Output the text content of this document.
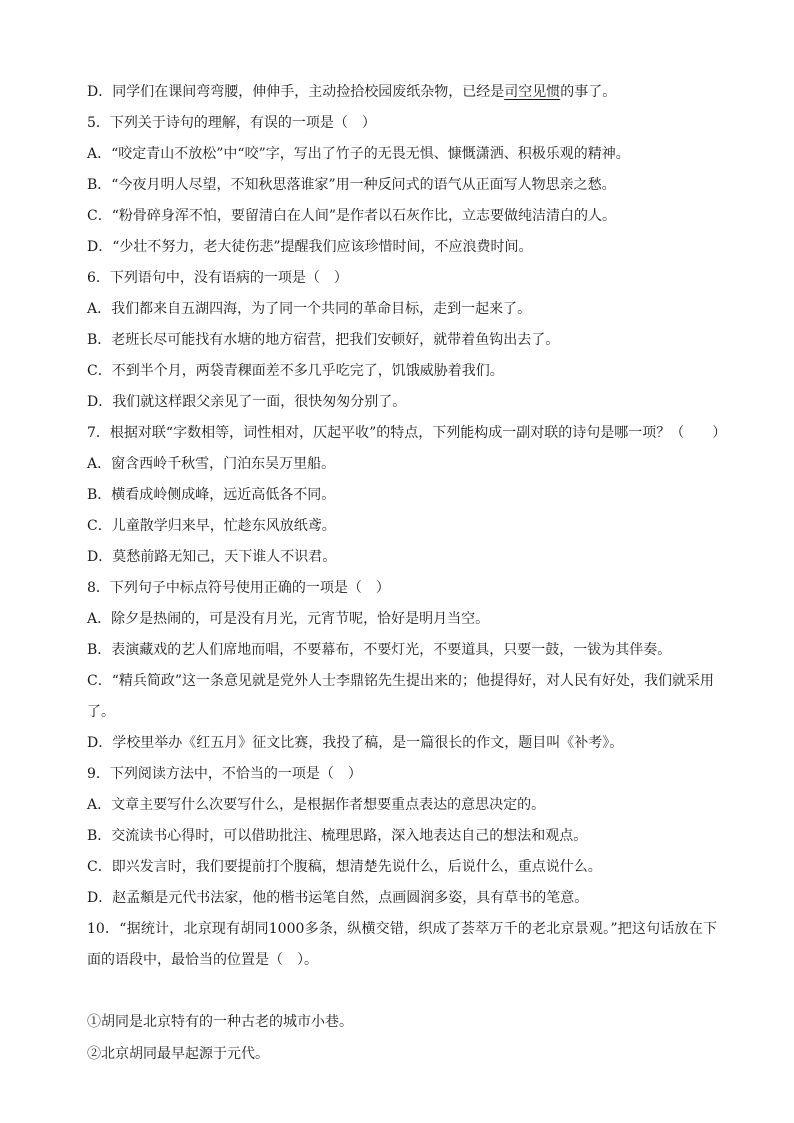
D．同学们在课间弯弯腰，伸伸手，主动捡拾校园废纸杂物，已经是司空见惯的事了。
5．下列关于诗句的理解，有误的一项是（　）
A．“咬定青山不放松”中“咬”字，写出了竹子的无畏无惧、慷慨潇洒、积极乐观的精神。
B．“今夜月明人尽望，不知秋思落谁家”用一种反问式的语气从正面写人物思亲之愁。
C．“粉骨碎身浑不怕，要留清白在人间”是作者以石灰作比，立志要做纯洁清白的人。
D．“少壮不努力，老大徒伤悲”提醒我们应该珍惜时间，不应浪费时间。
6．下列语句中，没有语病的一项是（　）
A．我们都来自五湖四海，为了同一个共同的革命目标，走到一起来了。
B．老班长尽可能找有水塘的地方宿营，把我们安顿好，就带着鱼钩出去了。
C．不到半个月，两袋青稞面差不多几乎吃完了，饥饿威胁着我们。
D．我们就这样跟父亲见了一面，很快匆匆分别了。
7．根据对联“字数相等，词性相对，仄起平收”的特点，下列能构成一副对联的诗句是哪一项？（　　）
A．窗含西岭千秋雪，门泊东吴万里船。
B．横看成岭侧成峰，远近高低各不同。
C．儿童散学归来早，忙趁东风放纸鸢。
D．莫愁前路无知己，天下谁人不识君。
8．下列句子中标点符号使用正确的一项是（　）
A．除夕是热闹的，可是没有月光，元宵节呢，恰好是明月当空。
B．表演藏戏的艺人们席地而唱，不要幕布，不要灯光，不要道具，只要一鼓，一钹为其伴奏。
C．“精兵简政”这一条意见就是党外人士李鼎铭先生提出来的；他提得好，对人民有好处，我们就采用
了。
D．学校里举办《红五月》征文比赛，我投了稿，是一篇很长的作文，题目叫《补考》。
9．下列阅读方法中，不恰当的一项是（　）
A．文章主要写什么次要写什么，是根据作者想要重点表达的意思决定的。
B．交流读书心得时，可以借助批注、梳理思路，深入地表达自己的想法和观点。
C．即兴发言时，我们要提前打个腹稿，想清楚先说什么，后说什么，重点说什么。
D．赵孟頫是元代书法家，他的楷书运笔自然，点画圆润多姿，具有草书的笔意。
10．“据统计，北京现有胡同1000多条，纵横交错，织成了荟萃万千的老北京景观。”把这句话放在下面的语段中，最恰当的位置是（　）。
①胡同是北京特有的一种古老的城市小巷。
②北京胡同最早起源于元代。
